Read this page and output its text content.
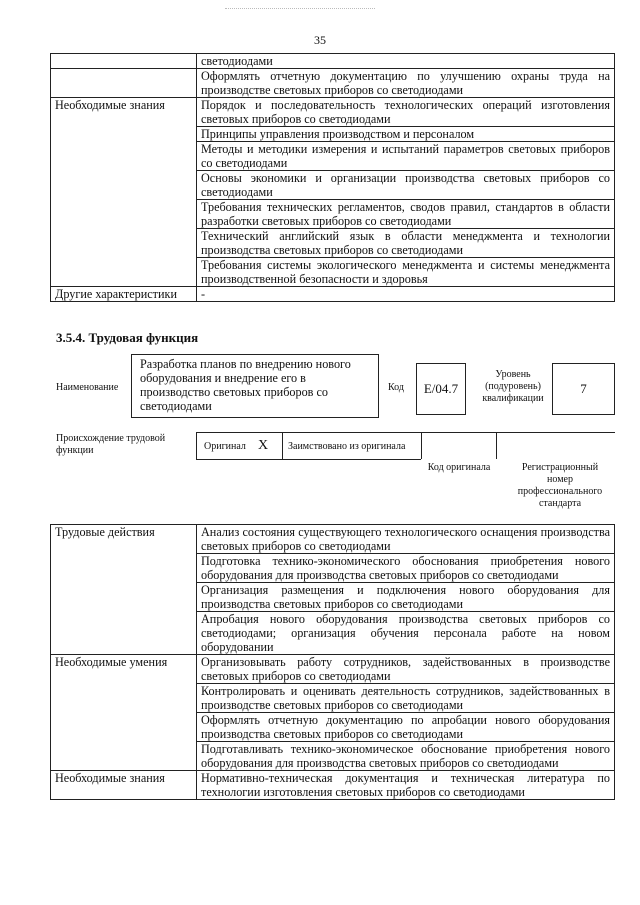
35
	светодиодами
	Оформлять отчетную документацию по улучшению охраны труда на производстве световых приборов со светодиодами
Необходимые знания	Порядок и последовательность технологических операций изготовления световых приборов со светодиодами
	Принципы управления производством и персоналом
	Методы и методики измерения и испытаний параметров световых приборов со светодиодами
	Основы экономики и организации производства световых приборов со светодиодами
	Требования технических регламентов, сводов правил, стандартов в области разработки световых приборов со светодиодами
	Технический английский язык в области менеджмента и технологии производства световых приборов со светодиодами
	Требования системы экологического менеджмента и системы менеджмента производственной безопасности и здоровья
Другие характеристики	-
3.5.4. Трудовая функция
Наименование
Разработка планов по внедрению нового оборудования и внедрение его в производство световых приборов со светодиодами
Код	E/04.7
Уровень (подуровень) квалификации
7
Происхождение трудовой функции	Оригинал X Заимствовано из оригинала
Код оригинала	Регистрационный номер профессионального стандарта
Трудовые действия	Анализ состояния существующего технологического оснащения производства световых приборов со светодиодами
	Подготовка технико-экономического обоснования приобретения нового оборудования для производства световых приборов со светодиодами
	Организация размещения и подключения нового оборудования для производства световых приборов со светодиодами
	Апробация нового оборудования производства световых приборов со светодиодами; организация обучения персонала работе на новом оборудовании
Необходимые умения	Организовывать работу сотрудников, задействованных в производстве световых приборов со светодиодами
	Контролировать и оценивать деятельность сотрудников, задействованных в производстве световых приборов со светодиодами
	Оформлять отчетную документацию по апробации нового оборудования производства световых приборов со светодиодами
	Подготавливать технико-экономическое обоснование приобретения нового оборудования для производства световых приборов со светодиодами
Необходимые знания	Нормативно-техническая документация и техническая литература по технологии изготовления световых приборов со светодиодами
